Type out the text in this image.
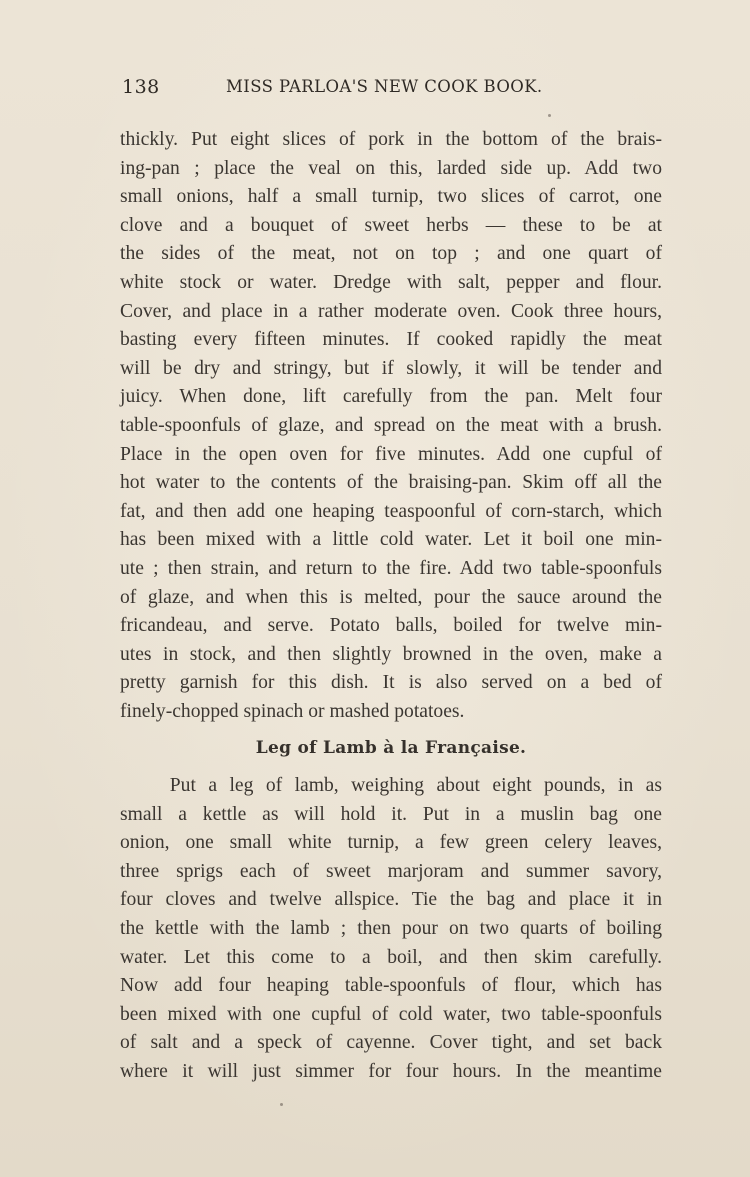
138	MISS PARLOA'S NEW COOK BOOK.
thickly. Put eight slices of pork in the bottom of the brais-
ing-pan ; place the veal on this, larded side up. Add two
small onions, half a small turnip, two slices of carrot, one
clove and a bouquet of sweet herbs — these to be at
the sides of the meat, not on top ; and one quart of
white stock or water. Dredge with salt, pepper and flour.
Cover, and place in a rather moderate oven. Cook three hours,
basting every fifteen minutes. If cooked rapidly the meat
will be dry and stringy, but if slowly, it will be tender and
juicy. When done, lift carefully from the pan. Melt four
table-spoonfuls of glaze, and spread on the meat with a brush.
Place in the open oven for five minutes. Add one cupful of
hot water to the contents of the braising-pan. Skim off all the
fat, and then add one heaping teaspoonful of corn-starch, which
has been mixed with a little cold water. Let it boil one min-
ute ; then strain, and return to the fire. Add two table-spoonfuls
of glaze, and when this is melted, pour the sauce around the
fricandeau, and serve. Potato balls, boiled for twelve min-
utes in stock, and then slightly browned in the oven, make a
pretty garnish for this dish. It is also served on a bed of
finely-chopped spinach or mashed potatoes.
Leg of Lamb à la Française.
Put a leg of lamb, weighing about eight pounds, in as
small a kettle as will hold it. Put in a muslin bag one
onion, one small white turnip, a few green celery leaves,
three sprigs each of sweet marjoram and summer savory,
four cloves and twelve allspice. Tie the bag and place it in
the kettle with the lamb ; then pour on two quarts of boiling
water. Let this come to a boil, and then skim carefully.
Now add four heaping table-spoonfuls of flour, which has
been mixed with one cupful of cold water, two table-spoonfuls
of salt and a speck of cayenne. Cover tight, and set back
where it will just simmer for four hours. In the meantime
